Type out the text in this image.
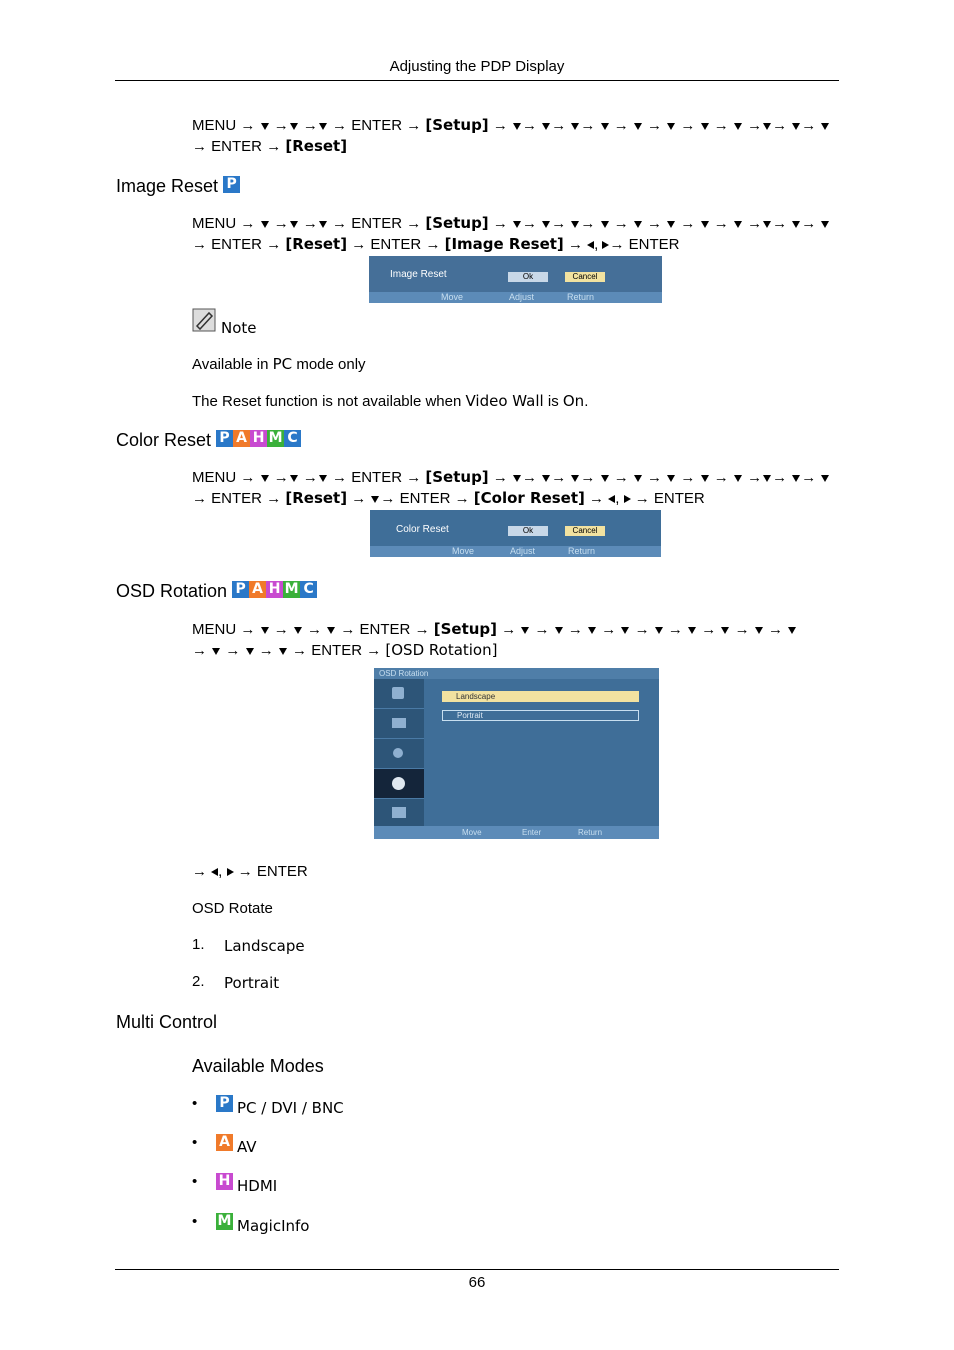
Adjusting the PDP Display
MENU → → → → ENTER → [Setup] → → → → → → → → → → →
→ ENTER → [Reset]
Image Reset P
MENU → → → → ENTER → [Setup] → → → → → → → → → → →
→ ENTER → [Reset] → ENTER → [Image Reset] → , → ENTER
Image Reset	Ok	Cancel
Move	Adjust	Return
Note
Available in PC mode only
The Reset function is not available when Video Wall is On.
Color Reset P A H M C
MENU → → → → ENTER → [Setup] → → → → → → → → → → →
→ ENTER → [Reset] → → ENTER → [Color Reset] → , → ENTER
Color Reset	Ok	Cancel
Move	Adjust	Return
OSD Rotation P A H M C
MENU → → → → ENTER → [Setup] → → → → → → → → →
→ → → → ENTER → [OSD Rotation]
OSD Rotation
Landscape
Portrait
Move	Enter	Return
→ , → ENTER
OSD Rotate
1. Landscape
2. Portrait
Multi Control
Available Modes
• P PC / DVI / BNC
• A AV
• H HDMI
• M MagicInfo
66
